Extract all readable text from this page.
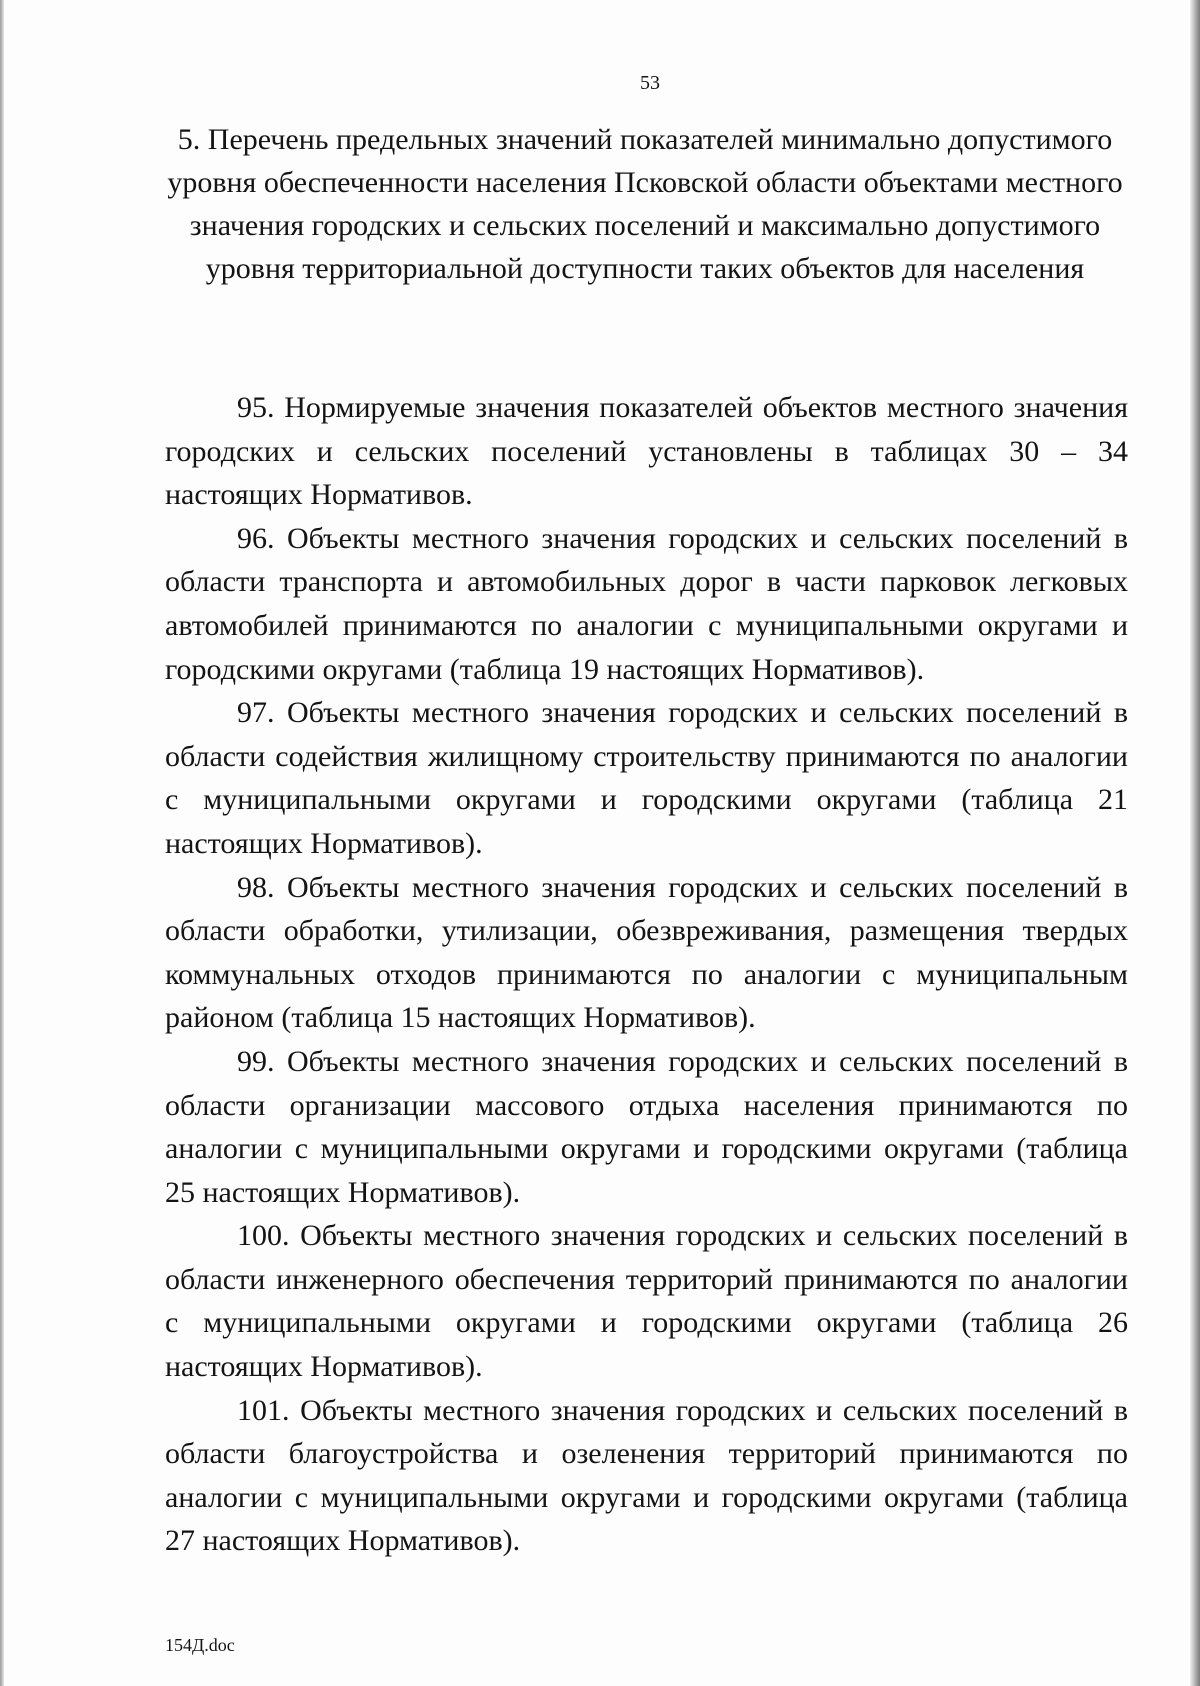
53
5. Перечень предельных значений показателей минимально допустимого уровня обеспеченности населения Псковской области объектами местного значения городских и сельских поселений и максимально допустимого уровня территориальной доступности таких объектов для населения

95. Нормируемые значения показателей объектов местного значения городских и сельских поселений установлены в таблицах 30 – 34 настоящих Нормативов.

96. Объекты местного значения городских и сельских поселений в области транспорта и автомобильных дорог в части парковок легковых автомобилей принимаются по аналогии с муниципальными округами и городскими округами (таблица 19 настоящих Нормативов).

97. Объекты местного значения городских и сельских поселений в области содействия жилищному строительству принимаются по аналогии с муниципальными округами и городскими округами (таблица 21 настоящих Нормативов).

98. Объекты местного значения городских и сельских поселений в области обработки, утилизации, обезвреживания, размещения твердых коммунальных отходов принимаются по аналогии с муниципальным районом (таблица 15 настоящих Нормативов).

99. Объекты местного значения городских и сельских поселений в области организации массового отдыха населения принимаются по аналогии с муниципальными округами и городскими округами (таблица 25 настоящих Нормативов).

100. Объекты местного значения городских и сельских поселений в области инженерного обеспечения территорий принимаются по аналогии с муниципальными округами и городскими округами (таблица 26 настоящих Нормативов).

101. Объекты местного значения городских и сельских поселений в области благоустройства и озеленения территорий принимаются по аналогии с муниципальными округами и городскими округами (таблица 27 настоящих Нормативов).

154Д.doc
